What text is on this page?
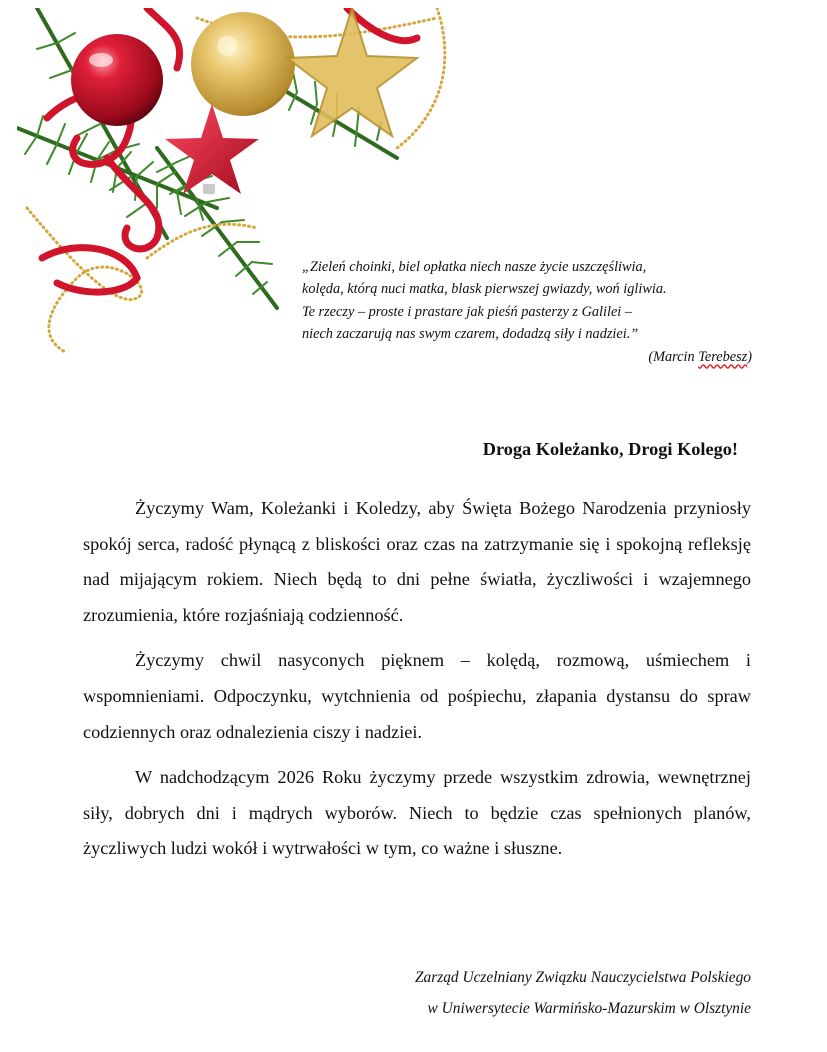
„Zieleń choinki, biel opłatka niech nasze życie uszczęśliwia,
kolęda, którą nuci matka, blask pierwszej gwiazdy, woń igliwia.
Te rzeczy – proste i prastare jak pieśń pasterzy z Galilei –
niech zaczarują nas swym czarem, dodadzą siły i nadziei.”
(Marcin Terebesz)
Droga Koleżanko, Drogi Kolego!

Życzymy Wam, Koleżanki i Koledzy, aby Święta Bożego Narodzenia przyniosły spokój serca, radość płynącą z bliskości oraz czas na zatrzymanie się i spokojną refleksję nad mijającym rokiem. Niech będą to dni pełne światła, życzliwości i wzajemnego zrozumienia, które rozjaśniają codzienność.

Życzymy chwil nasyconych pięknem – kolędą, rozmową, uśmiechem i wspomnieniami. Odpoczynku, wytchnienia od pośpiechu, złapania dystansu do spraw codziennych oraz odnalezienia ciszy i nadziei.

W nadchodzącym 2026 Roku życzymy przede wszystkim zdrowia, wewnętrznej siły, dobrych dni i mądrych wyborów. Niech to będzie czas spełnionych planów, życzliwych ludzi wokół i wytrwałości w tym, co ważne i słuszne.

Zarząd Uczelniany Związku Nauczycielstwa Polskiego
w Uniwersytecie Warmińsko-Mazurskim w Olsztynie
